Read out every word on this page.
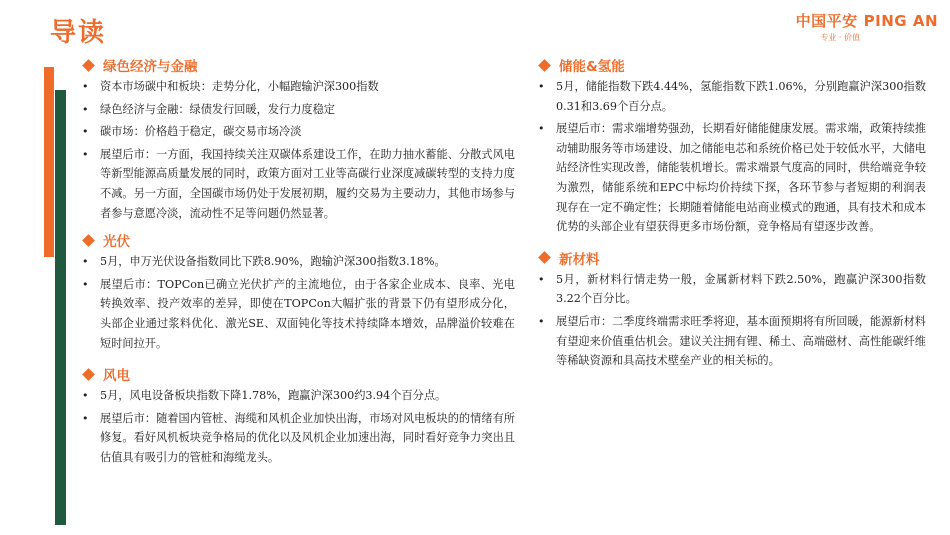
导读	中国平安 PING AN
专业 · 价值
绿色经济与金融
• 资本市场碳中和板块：走势分化，小幅跑输沪深300指数
• 绿色经济与金融：绿债发行回暖，发行力度稳定
• 碳市场：价格趋于稳定，碳交易市场冷淡
• 展望后市：一方面，我国持续关注双碳体系建设工作，在助力抽水蓄能、分散式风电等新型能源高质量发展的同时，政策方面对工业等高碳行业深度减碳转型的支持力度不减。另一方面，全国碳市场仍处于发展初期，履约交易为主要动力，其他市场参与者参与意愿冷淡，流动性不足等问题仍然显著。
光伏
• 5月，申万光伏设备指数同比下跌8.90%，跑输沪深300指数3.18%。
• 展望后市：TOPCon已确立光伏扩产的主流地位，由于各家企业成本、良率、光电转换效率、投产效率的差异，即使在TOPCon大幅扩张的背景下仍有望形成分化，头部企业通过浆料优化、激光SE、双面钝化等技术持续降本增效，品牌溢价较难在短时间拉开。
风电
• 5月，风电设备板块指数下降1.78%，跑赢沪深300约3.94个百分点。
• 展望后市：随着国内管桩、海缆和风机企业加快出海，市场对风电板块的的情绪有所修复。看好风机板块竞争格局的优化以及风机企业加速出海，同时看好竞争力突出且估值具有吸引力的管桩和海缆龙头。
储能&氢能
• 5月，储能指数下跌4.44%，氢能指数下跌1.06%，分别跑赢沪深300指数0.31和3.69个百分点。
• 展望后市：需求端增势强劲，长期看好储能健康发展。需求端，政策持续推动辅助服务等市场建设、加之储能电芯和系统价格已处于较低水平，大储电站经济性实现改善，储能装机增长。需求端景气度高的同时，供给端竞争较为激烈，储能系统和EPC中标均价持续下探，各环节参与者短期的利润表现存在一定不确定性；长期随着储能电站商业模式的跑通，具有技术和成本优势的头部企业有望获得更多市场份额，竞争格局有望逐步改善。
新材料
• 5月，新材料行情走势一般，金属新材料下跌2.50%，跑赢沪深300指数3.22个百分比。
• 展望后市：二季度终端需求旺季将迎，基本面预期将有所回暖，能源新材料有望迎来价值重估机会。建议关注拥有锂、稀土、高端磁材、高性能碳纤维等稀缺资源和具高技术壁垒产业的相关标的。
